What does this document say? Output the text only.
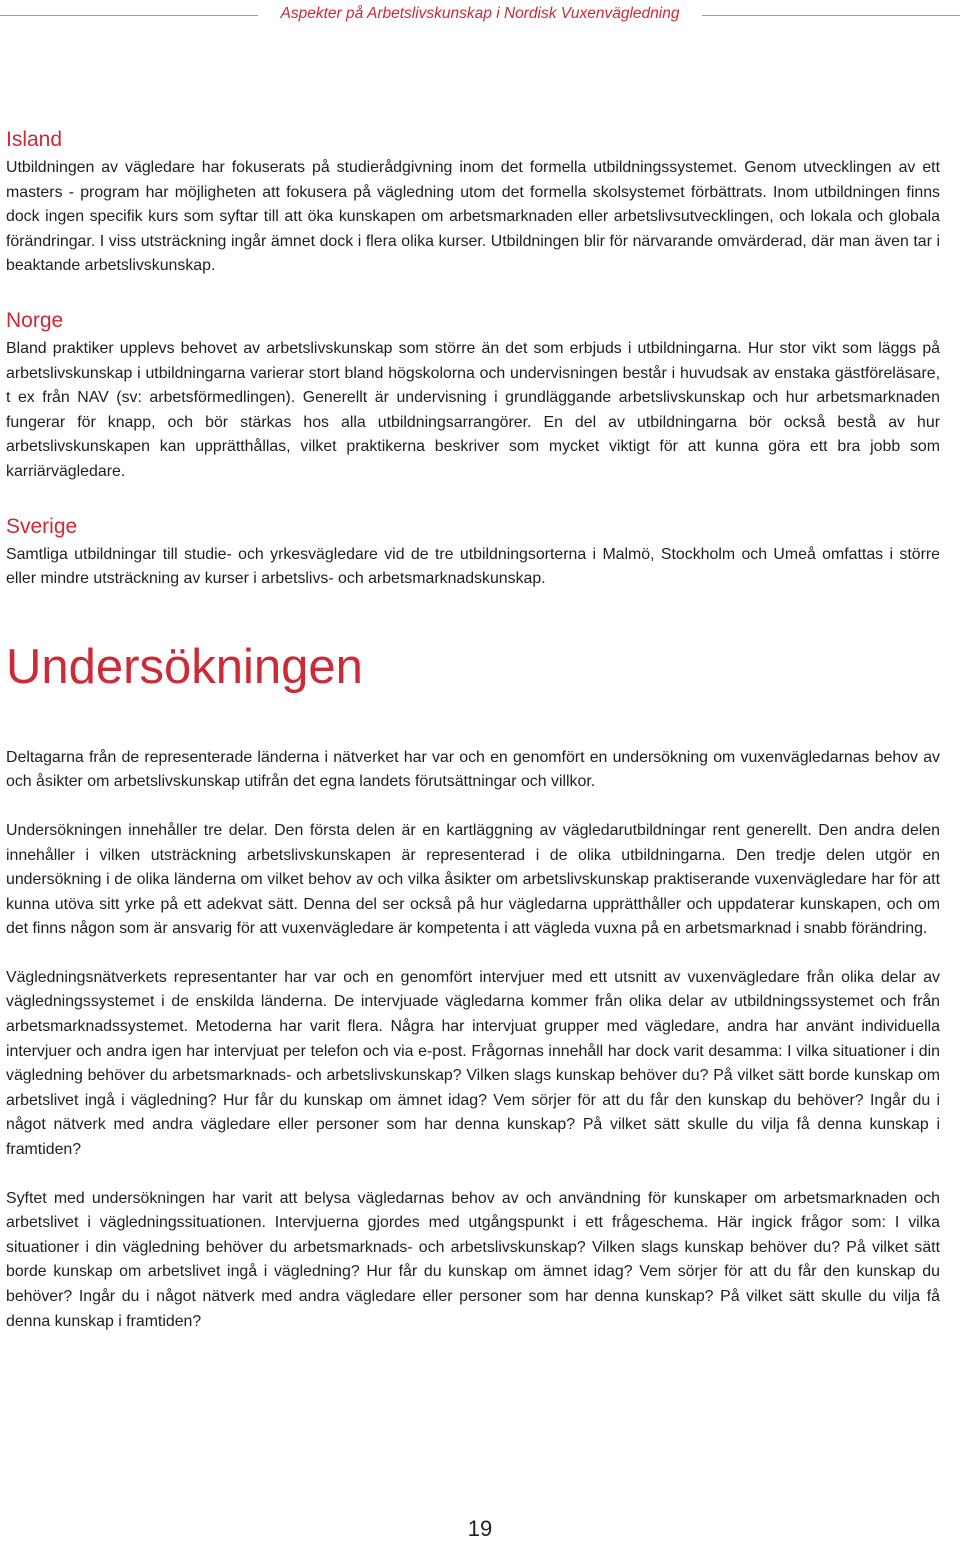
Aspekter på Arbetslivskunskap i Nordisk Vuxenvägledning
Island

Utbildningen av vägledare har fokuserats på studierådgivning inom det formella utbildningssystemet. Genom utvecklingen av ett masters - program har möjligheten att fokusera på vägledning utom det formella skolsystemet förbättrats. Inom utbildningen finns dock ingen specifik kurs som syftar till att öka kunskapen om arbetsmarknaden eller arbetslivsutvecklingen, och lokala och globala förändringar. I viss utsträckning ingår ämnet dock i flera olika kurser. Utbildningen blir för närvarande omvärderad, där man även tar i beaktande arbetslivskunskap.

Norge

Bland praktiker upplevs behovet av arbetslivskunskap som större än det som erbjuds i utbildningarna. Hur stor vikt som läggs på arbetslivskunskap i utbildningarna varierar stort bland högskolorna och undervisningen består i huvudsak av enstaka gästföreläsare, t ex från NAV (sv: arbetsförmedlingen). Generellt är undervisning i grundläggande arbetslivskunskap och hur arbetsmarknaden fungerar för knapp, och bör stärkas hos alla utbildningsarrangörer. En del av utbildningarna bör också bestå av hur arbetslivskunskapen kan upprätthållas, vilket praktikerna beskriver som mycket viktigt för att kunna göra ett bra jobb som karriärvägledare.

Sverige

Samtliga utbildningar till studie- och yrkesvägledare vid de tre utbildningsorterna i Malmö, Stockholm och Umeå omfattas i större eller mindre utsträckning av kurser i arbetslivs- och arbetsmarknadskunskap.

Undersökningen

Deltagarna från de representerade länderna i nätverket har var och en genomfört en undersökning om vuxenvägledarnas behov av och åsikter om arbetslivskunskap utifrån det egna landets förutsättningar och villkor.

Undersökningen innehåller tre delar. Den första delen är en kartläggning av vägledarutbildningar rent generellt. Den andra delen innehåller i vilken utsträckning arbetslivskunskapen är representerad i de olika utbildningarna. Den tredje delen utgör en undersökning i de olika länderna om vilket behov av och vilka åsikter om arbetslivskunskap praktiserande vuxenvägledare har för att kunna utöva sitt yrke på ett adekvat sätt. Denna del ser också på hur vägledarna upprätthåller och uppdaterar kunskapen, och om det finns någon som är ansvarig för att vuxenvägledare är kompetenta i att vägleda vuxna på en arbetsmarknad i snabb förändring.

Vägledningsnätverkets representanter har var och en genomfört intervjuer med ett utsnitt av vuxenvägledare från olika delar av vägledningssystemet i de enskilda länderna. De intervjuade vägledarna kommer från olika delar av utbildningssystemet och från arbetsmarknadssystemet. Metoderna har varit flera. Några har intervjuat grupper med vägledare, andra har använt individuella intervjuer och andra igen har intervjuat per telefon och via e-post. Frågornas innehåll har dock varit desamma: I vilka situationer i din vägledning behöver du arbetsmarknads- och arbetslivskunskap? Vilken slags kunskap behöver du? På vilket sätt borde kunskap om arbetslivet ingå i vägledning? Hur får du kunskap om ämnet idag? Vem sörjer för att du får den kunskap du behöver? Ingår du i något nätverk med andra vägledare eller personer som har denna kunskap? På vilket sätt skulle du vilja få denna kunskap i framtiden?

Syftet med undersökningen har varit att belysa vägledarnas behov av och användning för kunskaper om arbetsmarknaden och arbetslivet i vägledningssituationen. Intervjuerna gjordes med utgångspunkt i ett frågeschema. Här ingick frågor som: I vilka situationer i din vägledning behöver du arbetsmarknads- och arbetslivskunskap? Vilken slags kunskap behöver du? På vilket sätt borde kunskap om arbetslivet ingå i vägledning? Hur får du kunskap om ämnet idag? Vem sörjer för att du får den kunskap du behöver? Ingår du i något nätverk med andra vägledare eller personer som har denna kunskap? På vilket sätt skulle du vilja få denna kunskap i framtiden?

19
